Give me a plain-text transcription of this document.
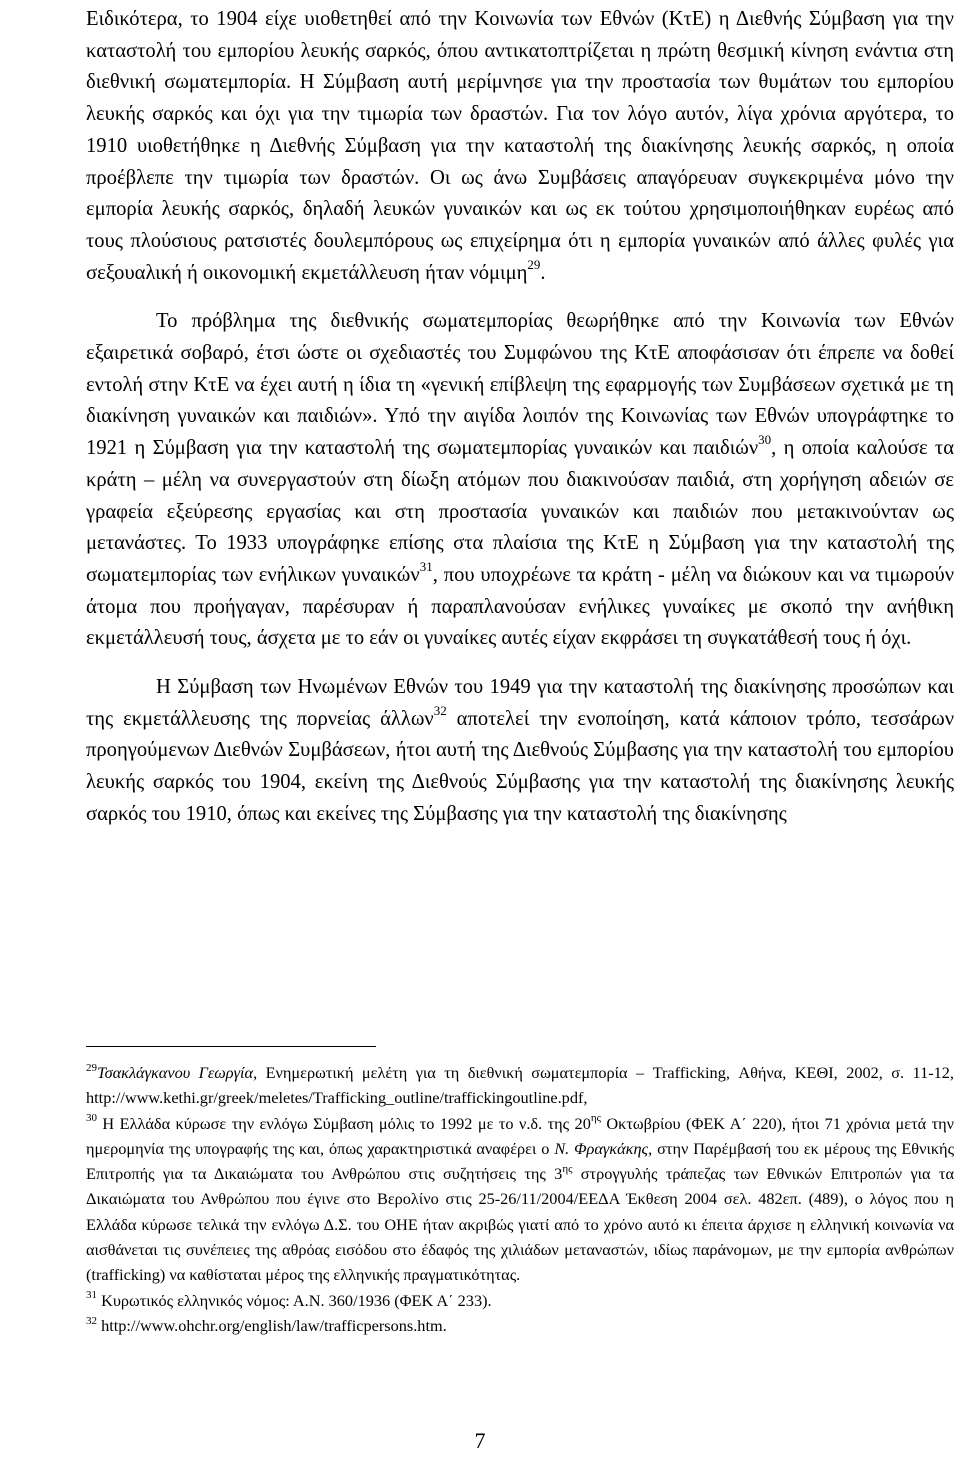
Ειδικότερα, το 1904 είχε υιοθετηθεί από την Κοινωνία των Εθνών (ΚτΕ) η Διεθνής Σύμβαση για την καταστολή του εμπορίου λευκής σαρκός, όπου αντικατοπτρίζεται η πρώτη θεσμική κίνηση ενάντια στη διεθνική σωματεμπορία. Η Σύμβαση αυτή μερίμνησε για την προστασία των θυμάτων του εμπορίου λευκής σαρκός και όχι για την τιμωρία των δραστών. Για τον λόγο αυτόν, λίγα χρόνια αργότερα, το 1910 υιοθετήθηκε η Διεθνής Σύμβαση για την καταστολή της διακίνησης λευκής σαρκός, η οποία προέβλεπε την τιμωρία των δραστών. Οι ως άνω Συμβάσεις απαγόρευαν συγκεκριμένα μόνο την εμπορία λευκής σαρκός, δηλαδή λευκών γυναικών και ως εκ τούτου χρησιμοποιήθηκαν ευρέως από τους πλούσιους ρατσιστές δουλεμπόρους ως επιχείρημα ότι η εμπορία γυναικών από άλλες φυλές για σεξουαλική ή οικονομική εκμετάλλευση ήταν νόμιμη$^{29}$.

Το πρόβλημα της διεθνικής σωματεμπορίας θεωρήθηκε από την Κοινωνία των Εθνών εξαιρετικά σοβαρό, έτσι ώστε οι σχεδιαστές του Συμφώνου της ΚτΕ αποφάσισαν ότι έπρεπε να δοθεί εντολή στην ΚτΕ να έχει αυτή η ίδια τη «γενική επίβλεψη της εφαρμογής των Συμβάσεων σχετικά με τη διακίνηση γυναικών και παιδιών». Υπό την αιγίδα λοιπόν της Κοινωνίας των Εθνών υπογράφτηκε το 1921 η Σύμβαση για την καταστολή της σωματεμπορίας γυναικών και παιδιών$^{30}$, η οποία καλούσε τα κράτη – μέλη να συνεργαστούν στη δίωξη ατόμων που διακινούσαν παιδιά, στη χορήγηση αδειών σε γραφεία εξεύρεσης εργασίας και στη προστασία γυναικών και παιδιών που μετακινούνταν ως μετανάστες. Το 1933 υπογράφηκε επίσης στα πλαίσια της ΚτΕ η Σύμβαση για την καταστολή της σωματεμπορίας των ενήλικων γυναικών$^{31}$, που υποχρέωνε τα κράτη - μέλη να διώκουν και να τιμωρούν άτομα που προήγαγαν, παρέσυραν ή παραπλανούσαν ενήλικες γυναίκες με σκοπό την ανήθικη εκμετάλλευσή τους, άσχετα με το εάν οι γυναίκες αυτές είχαν εκφράσει τη συγκατάθεσή τους ή όχι.

Η Σύμβαση των Ηνωμένων Εθνών του 1949 για την καταστολή της διακίνησης προσώπων και της εκμετάλλευσης της πορνείας άλλων$^{32}$ αποτελεί την ενοποίηση, κατά κάποιον τρόπο, τεσσάρων προηγούμενων Διεθνών Συμβάσεων, ήτοι αυτή της Διεθνούς Σύμβασης για την καταστολή του εμπορίου λευκής σαρκός του 1904, εκείνη της Διεθνούς Σύμβασης για την καταστολή της διακίνησης λευκής σαρκός του 1910, όπως και εκείνες της Σύμβασης για την καταστολή της διακίνησης

$^{29}$Τσακλάγκανου Γεωργία, Ενημερωτική μελέτη για τη διεθνική σωματεμπορία – Trafficking, Αθήνα, ΚΕΘΙ, 2002, σ. 11-12, http://www.kethi.gr/greek/meletes/Trafficking_outline/traffickingoutline.pdf,

$^{30}$ Η Ελλάδα κύρωσε την ενλόγω Σύμβαση μόλις το 1992 με το ν.δ. της $20^{\eta\varsigma}$ Οκτωβρίου (ΦΕΚ Α΄ 220), ήτοι 71 χρόνια μετά την ημερομηνία της υπογραφής της και, όπως χαρακτηριστικά αναφέρει ο Ν. Φραγκάκης, στην Παρέμβασή του εκ μέρους της Εθνικής Επιτροπής για τα Δικαιώματα του Ανθρώπου στις συζητήσεις της $3^{\eta\varsigma}$ στρογγυλής τράπεζας των Εθνικών Επιτροπών για τα Δικαιώματα του Ανθρώπου που έγινε στο Βερολίνο στις 25-26/11/2004/ΕΕΔΑ Έκθεση 2004 σελ. 482επ. (489), ο λόγος που η Ελλάδα κύρωσε τελικά την ενλόγω Δ.Σ. του ΟΗΕ ήταν ακριβώς γιατί από το χρόνο αυτό κι έπειτα άρχισε η ελληνική κοινωνία να αισθάνεται τις συνέπειες της αθρόας εισόδου στο έδαφός της χιλιάδων μεταναστών, ιδίως παράνομων, με την εμπορία ανθρώπων (trafficking) να καθίσταται μέρος της ελληνικής πραγματικότητας.

$^{31}$ Κυρωτικός ελληνικός νόμος: Α.Ν. 360/1936 (ΦΕΚ Α΄ 233).

$^{32}$ http://www.ohchr.org/english/law/trafficpersons.htm.

7
